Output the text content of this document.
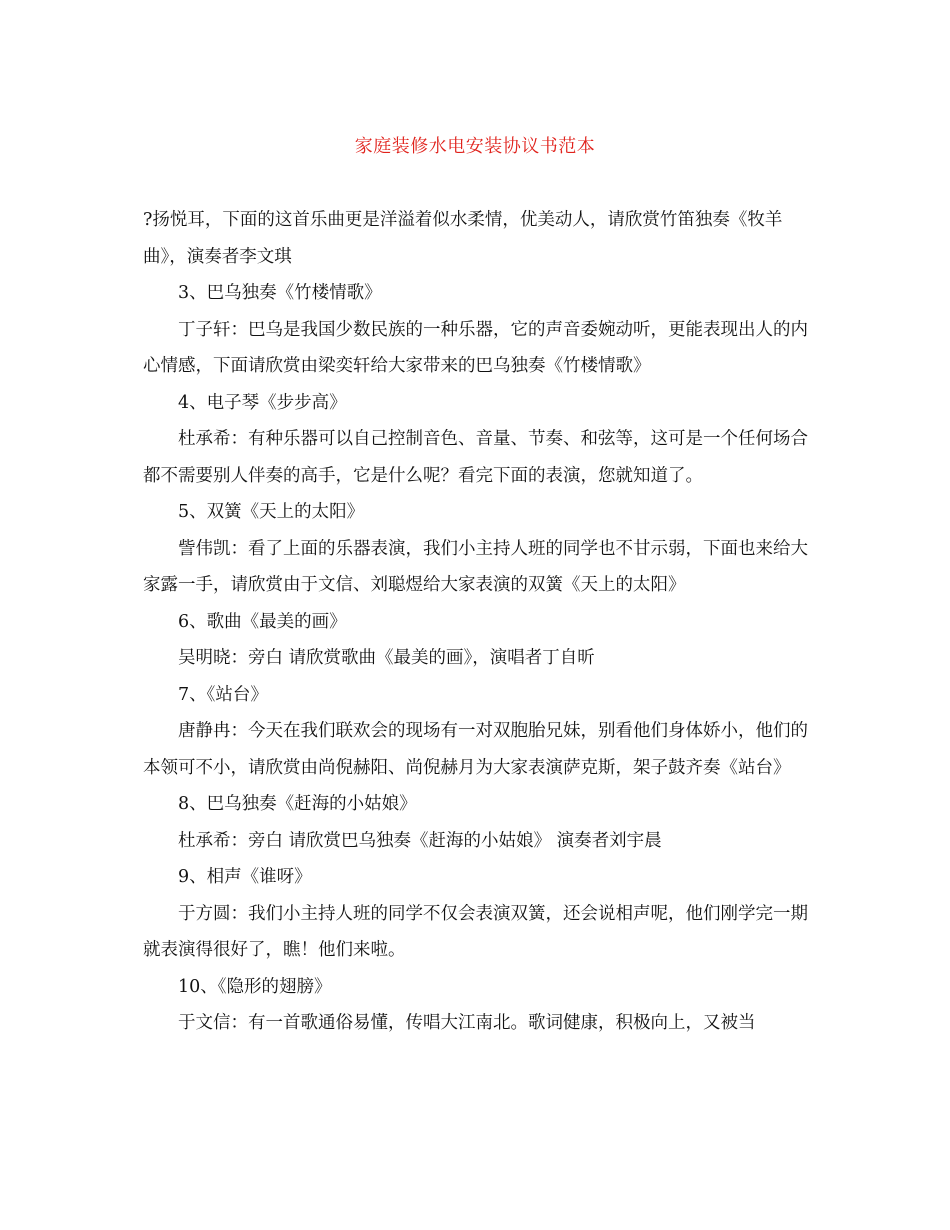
家庭装修水电安装协议书范本

?扬悦耳，下面的这首乐曲更是洋溢着似水柔情，优美动人，请欣赏竹笛独奏《牧羊曲》，演奏者李文琪

3、巴乌独奏《竹楼情歌》

丁子轩：巴乌是我国少数民族的一种乐器，它的声音委婉动听，更能表现出人的内心情感，下面请欣赏由梁奕轩给大家带来的巴乌独奏《竹楼情歌》

4、电子琴《步步高》

杜承希：有种乐器可以自己控制音色、音量、节奏、和弦等，这可是一个任何场合都不需要别人伴奏的高手，它是什么呢？看完下面的表演，您就知道了。

5、双簧《天上的太阳》

訾伟凯：看了上面的乐器表演，我们小主持人班的同学也不甘示弱，下面也来给大家露一手，请欣赏由于文信、刘聪煜给大家表演的双簧《天上的太阳》

6、歌曲《最美的画》

吴明晓：旁白 请欣赏歌曲《最美的画》，演唱者丁自昕

7、《站台》

唐静冉：今天在我们联欢会的现场有一对双胞胎兄妹，别看他们身体娇小，他们的本领可不小，请欣赏由尚倪赫阳、尚倪赫月为大家表演萨克斯，架子鼓齐奏《站台》

8、巴乌独奏《赶海的小姑娘》

杜承希：旁白 请欣赏巴乌独奏《赶海的小姑娘》 演奏者刘宇晨

9、相声《谁呀》

于方圆：我们小主持人班的同学不仅会表演双簧，还会说相声呢，他们刚学完一期就表演得很好了，瞧！他们来啦。

10、《隐形的翅膀》

于文信：有一首歌通俗易懂，传唱大江南北。歌词健康，积极向上，又被当
